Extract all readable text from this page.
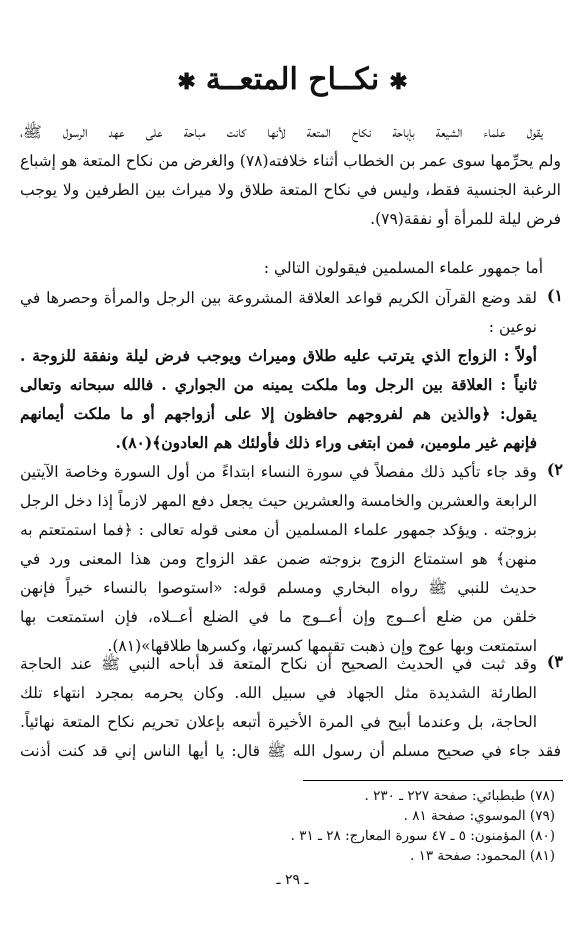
✱نكــاح المتعــة✱
يقول علماء الشيعة بإباحة نكاح المتعة لأنها كانت مباحة على عهد الرسول ﷺ،
ولم يحرِّمها سوى عمر بن الخطاب أثناء خلافته(٧٨) والغرض من نكاح المتعة هو إشباع
الرغبة الجنسية فقط، وليس في نكاح المتعة طلاق ولا ميراث بين الطرفين ولا يوجب
فرض ليلة للمرأة أو نفقة(٧٩).
أما جمهور علماء المسلمين فيقولون التالي :
١)
لقد وضع القرآن الكريم قواعد العلاقة المشروعة بين الرجل والمرأة وحصرها في
نوعين :
أولاً : الزواج الذي يترتب عليه طلاق وميراث ويوجب فرض ليلة ونفقة للزوجة .
ثانياً : العلاقة بين الرجل وما ملكت يمينه من الجواري . فالله سبحانه وتعالى
يقول: ﴿والذين هم لفروجهم حافظون إلا على أزواجهم أو ما ملكت أيمانهم
فإنهم غير ملومين، فمن ابتغى وراء ذلك فأولئك هم العادون﴾(٨٠).
٢)
وقد جاء تأكيد ذلك مفصلاً في سورة النساء ابتداءً من أول السورة وخاصة الآيتين
الرابعة والعشرين والخامسة والعشرين حيث يجعل دفع المهر لازماً إذا دخل الرجل
بزوجته . ويؤكد جمهور علماء المسلمين أن معنى قوله تعالى : ﴿فما استمتعتم به
منهن﴾ هو استمتاع الزوج بزوجته ضمن عقد الزواج ومن هذا المعنى ورد في
حديث للنبي ﷺ رواه البخاري ومسلم قوله: «استوصوا بالنساء خيراً فإنهن
خلقن من ضلع أعــوج وإن أعــوج ما في الضلع أعــلاه، فإن استمتعت بها
استمتعت وبها عوج وإن ذهبت تقيمها كسرتها، وكسرها طلاقها»(٨١).
٣)
وقد ثبت في الحديث الصحيح أن نكاح المتعة قد أباحه النبي ﷺ عند الحاجة
الطارئة الشديدة مثل الجهاد في سبيل الله. وكان يحرمه بمجرد انتهاء تلك
الحاجة، بل وعندما أبيح في المرة الأخيرة أتبعه بإعلان تحريم نكاح المتعة نهائياً.
فقد جاء في صحيح مسلم أن رسول الله ﷺ قال: يا أيها الناس إني قد كنت أذنت
(٧٨) طبطبائي: صفحة ٢٢٧ ـ ٢٣٠ .
(٧٩) الموسوي: صفحة ٨١ .
(٨٠) المؤمنون: ٥ ـ ٤٧ سورة المعارج: ٢٨ ـ ٣١ .
(٨١) المحمود: صفحة ١٣ .
ـ ٢٩ ـ
